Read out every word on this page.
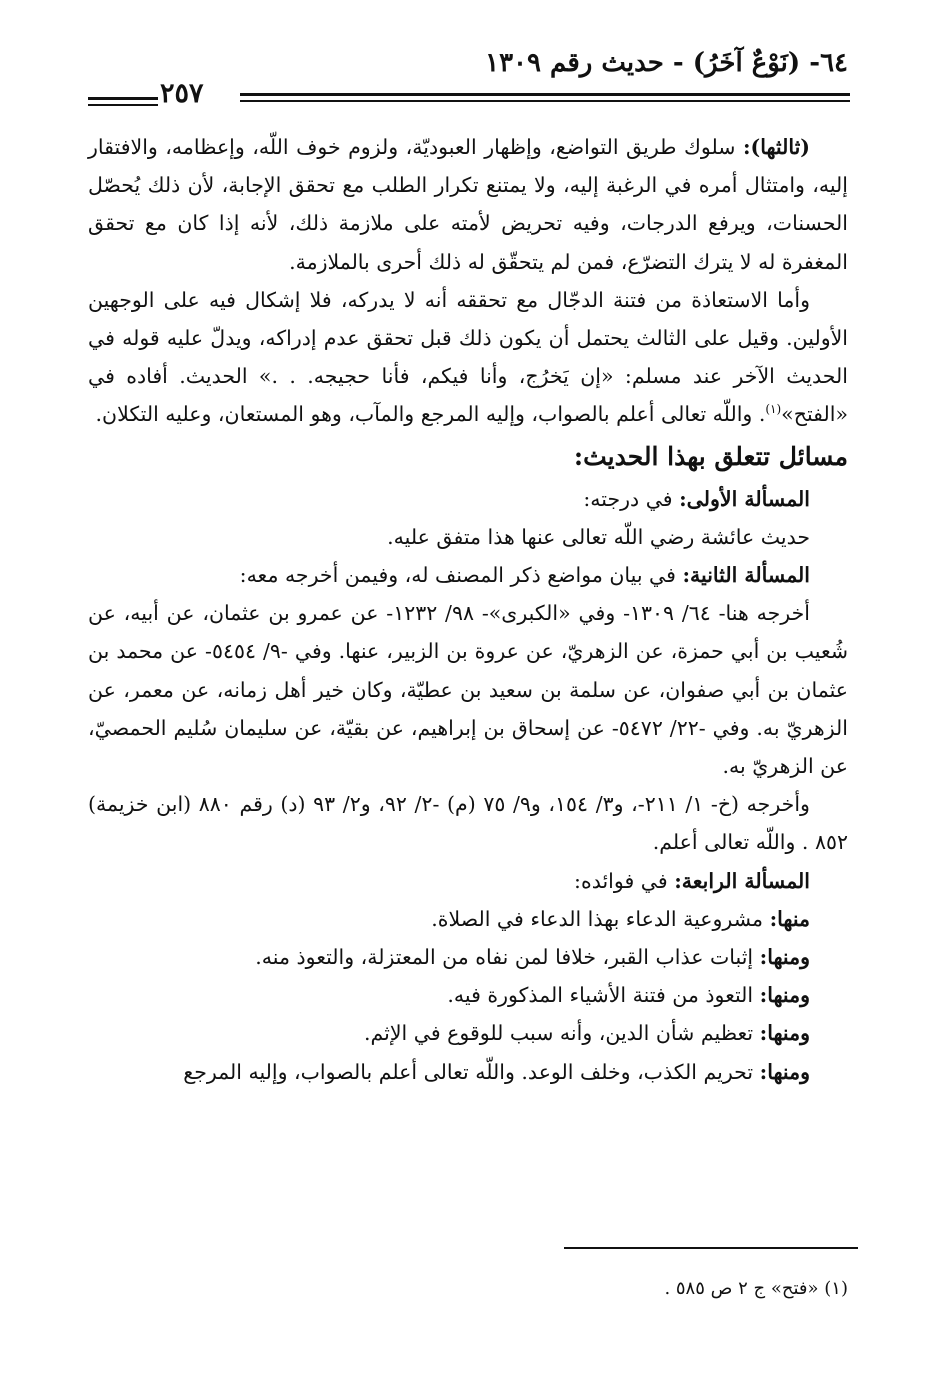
٦٤- (نَوْعٌ آخَرُ) - حديث رقم ١٣٠٩
٢٥٧

(ثالثها): سلوك طريق التواضع، وإظهار العبوديّة، ولزوم خوف اللّه، وإعظامه، والافتقار إليه، وامتثال أمره في الرغبة إليه، ولا يمتنع تكرار الطلب مع تحقق الإجابة، لأن ذلك يُحصّل الحسنات، ويرفع الدرجات، وفيه تحريض لأمته على ملازمة ذلك، لأنه إذا كان مع تحقق المغفرة له لا يترك التضرّع، فمن لم يتحقّق له ذلك أحرى بالملازمة.

وأما الاستعاذة من فتنة الدجّال مع تحققه أنه لا يدركه، فلا إشكال فيه على الوجهين الأولين. وقيل على الثالث يحتمل أن يكون ذلك قبل تحقق عدم إدراكه، ويدلّ عليه قوله في الحديث الآخر عند مسلم: «إن يَخرُج، وأنا فيكم، فأنا حجيجه. . .» الحديث. أفاده في «الفتح»$^{(١)}$. واللّه تعالى أعلم بالصواب، وإليه المرجع والمآب، وهو المستعان، وعليه التكلان.

مسائل تتعلق بهذا الحديث:

المسألة الأولى: في درجته:

حديث عائشة رضي اللّه تعالى عنها هذا متفق عليه.

المسألة الثانية: في بيان مواضع ذكر المصنف له، وفيمن أخرجه معه:

أخرجه هنا- ٦٤/ ١٣٠٩- وفي «الكبرى»- ٩٨/ ١٢٣٢- عن عمرو بن عثمان، عن أبيه، عن شُعيب بن أبي حمزة، عن الزهريّ، عن عروة بن الزبير، عنها. وفي -٩/ ٥٤٥٤- عن محمد بن عثمان بن أبي صفوان، عن سلمة بن سعيد بن عطيّة، وكان خير أهل زمانه، عن معمر، عن الزهريّ به. وفي -٢٢/ ٥٤٧٢- عن إسحاق بن إبراهيم، عن بقيّة، عن سليمان سُليم الحمصيّ، عن الزهريّ به.

وأخرجه (خ- ١/ ٢١١-، و٣/ ١٥٤، و٩/ ٧٥ (م) -٢/ ٩٢، و٢/ ٩٣ (د) رقم ٨٨٠ (ابن خزيمة) ٨٥٢ . واللّه تعالى أعلم.

المسألة الرابعة: في فوائده:

منها: مشروعية الدعاء بهذا الدعاء في الصلاة.

ومنها: إثبات عذاب القبر، خلافا لمن نفاه من المعتزلة، والتعوذ منه.

ومنها: التعوذ من فتنة الأشياء المذكورة فيه.

ومنها: تعظيم شأن الدين، وأنه سبب للوقوع في الإثم.

ومنها: تحريم الكذب، وخلف الوعد. واللّه تعالى أعلم بالصواب، وإليه المرجع

(١) «فتح» ج ٢ ص ٥٨٥ .
